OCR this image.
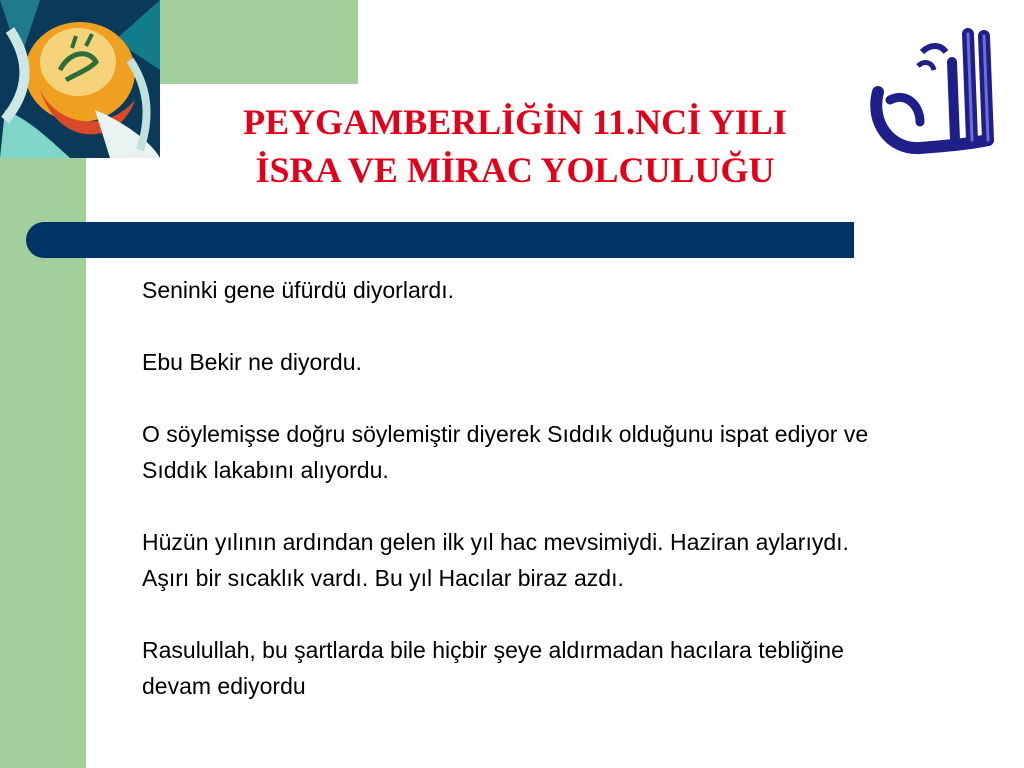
PEYGAMBERLİĞİN 11.NCİ YILI
İSRA VE MİRAC YOLCULUĞU

Seninki gene üfürdü diyorlardı.

Ebu Bekir ne diyordu.

O söylemişse doğru söylemiştir diyerek Sıddık olduğunu ispat ediyor ve Sıddık lakabını alıyordu.

Hüzün yılının ardından gelen ilk yıl hac mevsimiydi. Haziran aylarıydı. Aşırı bir sıcaklık vardı. Bu yıl Hacılar biraz azdı.

Rasulullah, bu şartlarda bile hiçbir şeye aldırmadan hacılara tebliğine devam ediyordu
